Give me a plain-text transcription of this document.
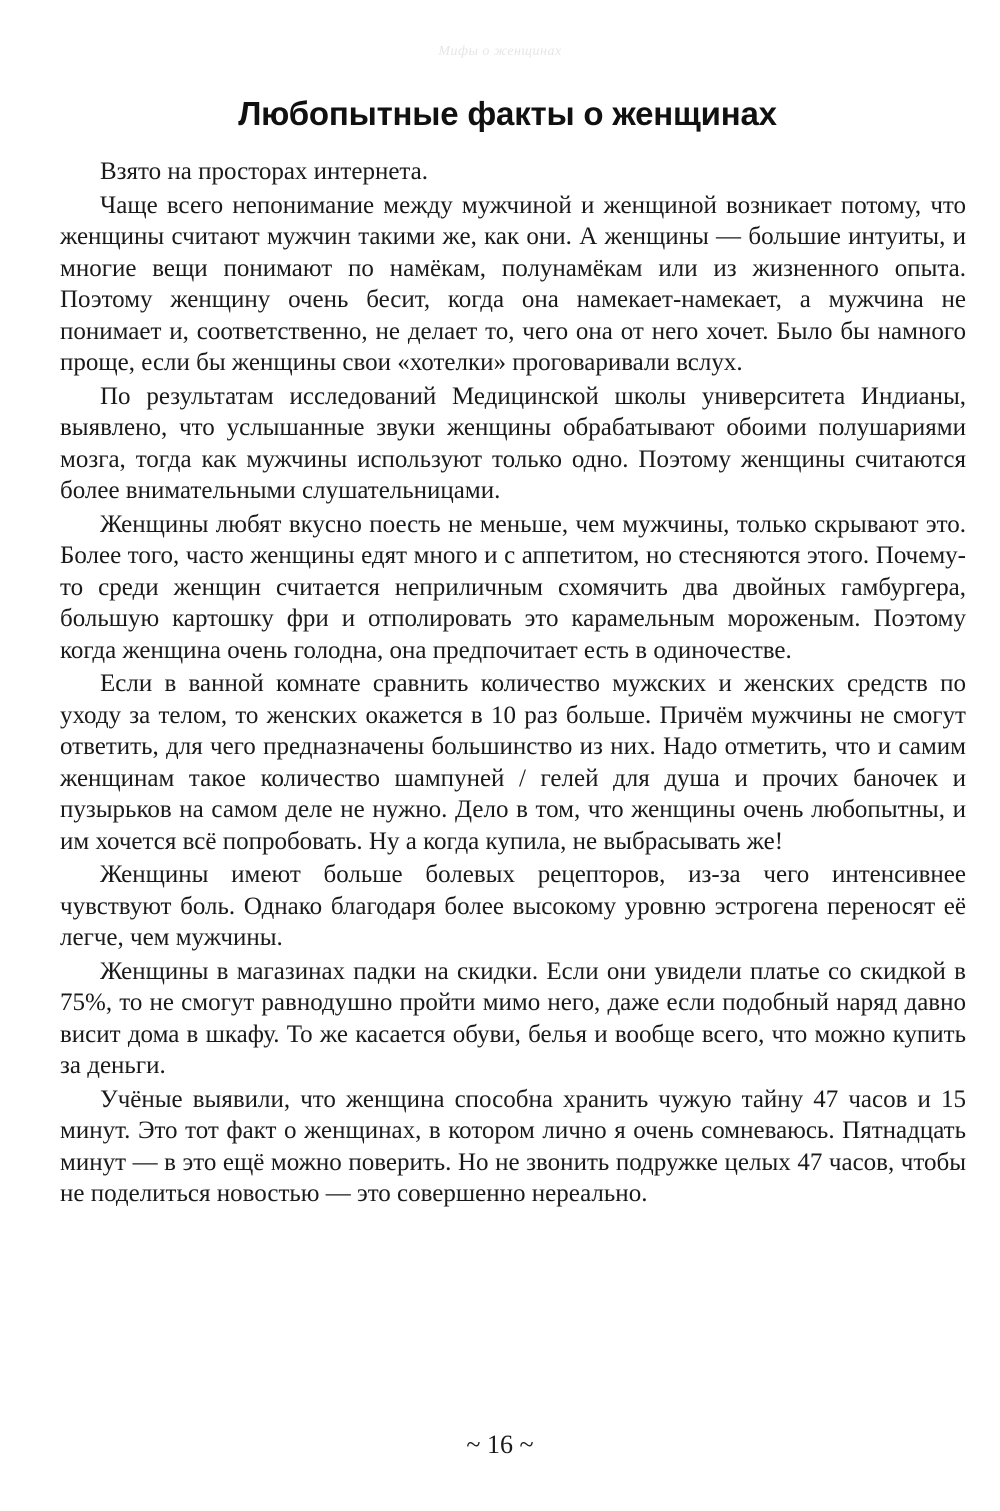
Мифы о женщинах
Любопытные факты о женщинах

Взято на просторах интернета.

Чаще всего непонимание между мужчиной и женщиной возникает потому, что женщины считают мужчин такими же, как они. А женщины — большие интуиты, и многие вещи понимают по намёкам, полунамёкам или из жизненного опыта. Поэтому женщину очень бесит, когда она намекает-намекает, а мужчина не понимает и, соответственно, не делает то, чего она от него хочет. Было бы намного проще, если бы женщины свои «хотелки» проговаривали вслух.

По результатам исследований Медицинской школы университета Индианы, выявлено, что услышанные звуки женщины обрабатывают обоими полушариями мозга, тогда как мужчины используют только одно. Поэтому женщины считаются более внимательными слушательницами.

Женщины любят вкусно поесть не меньше, чем мужчины, только скрывают это. Более того, часто женщины едят много и с аппетитом, но стесняются этого. Почему-то среди женщин считается неприличным схомячить два двойных гамбургера, большую картошку фри и отполировать это карамельным мороженым. Поэтому когда женщина очень голодна, она предпочитает есть в одиночестве.

Если в ванной комнате сравнить количество мужских и женских средств по уходу за телом, то женских окажется в 10 раз больше. Причём мужчины не смогут ответить, для чего предназначены большинство из них. Надо отметить, что и самим женщинам такое количество шампуней / гелей для душа и прочих баночек и пузырьков на самом деле не нужно. Дело в том, что женщины очень любопытны, и им хочется всё попробовать. Ну а когда купила, не выбрасывать же!

Женщины имеют больше болевых рецепторов, из-за чего интенсивнее чувствуют боль. Однако благодаря более высокому уровню эстрогена переносят её легче, чем мужчины.

Женщины в магазинах падки на скидки. Если они увидели платье со скидкой в 75%, то не смогут равнодушно пройти мимо него, даже если подобный наряд давно висит дома в шкафу. То же касается обуви, белья и вообще всего, что можно купить за деньги.

Учёные выявили, что женщина способна хранить чужую тайну 47 часов и 15 минут. Это тот факт о женщинах, в котором лично я очень сомневаюсь. Пятнадцать минут — в это ещё можно поверить. Но не звонить подружке целых 47 часов, чтобы не поделиться новостью — это совершенно нереально.

~ 16 ~
